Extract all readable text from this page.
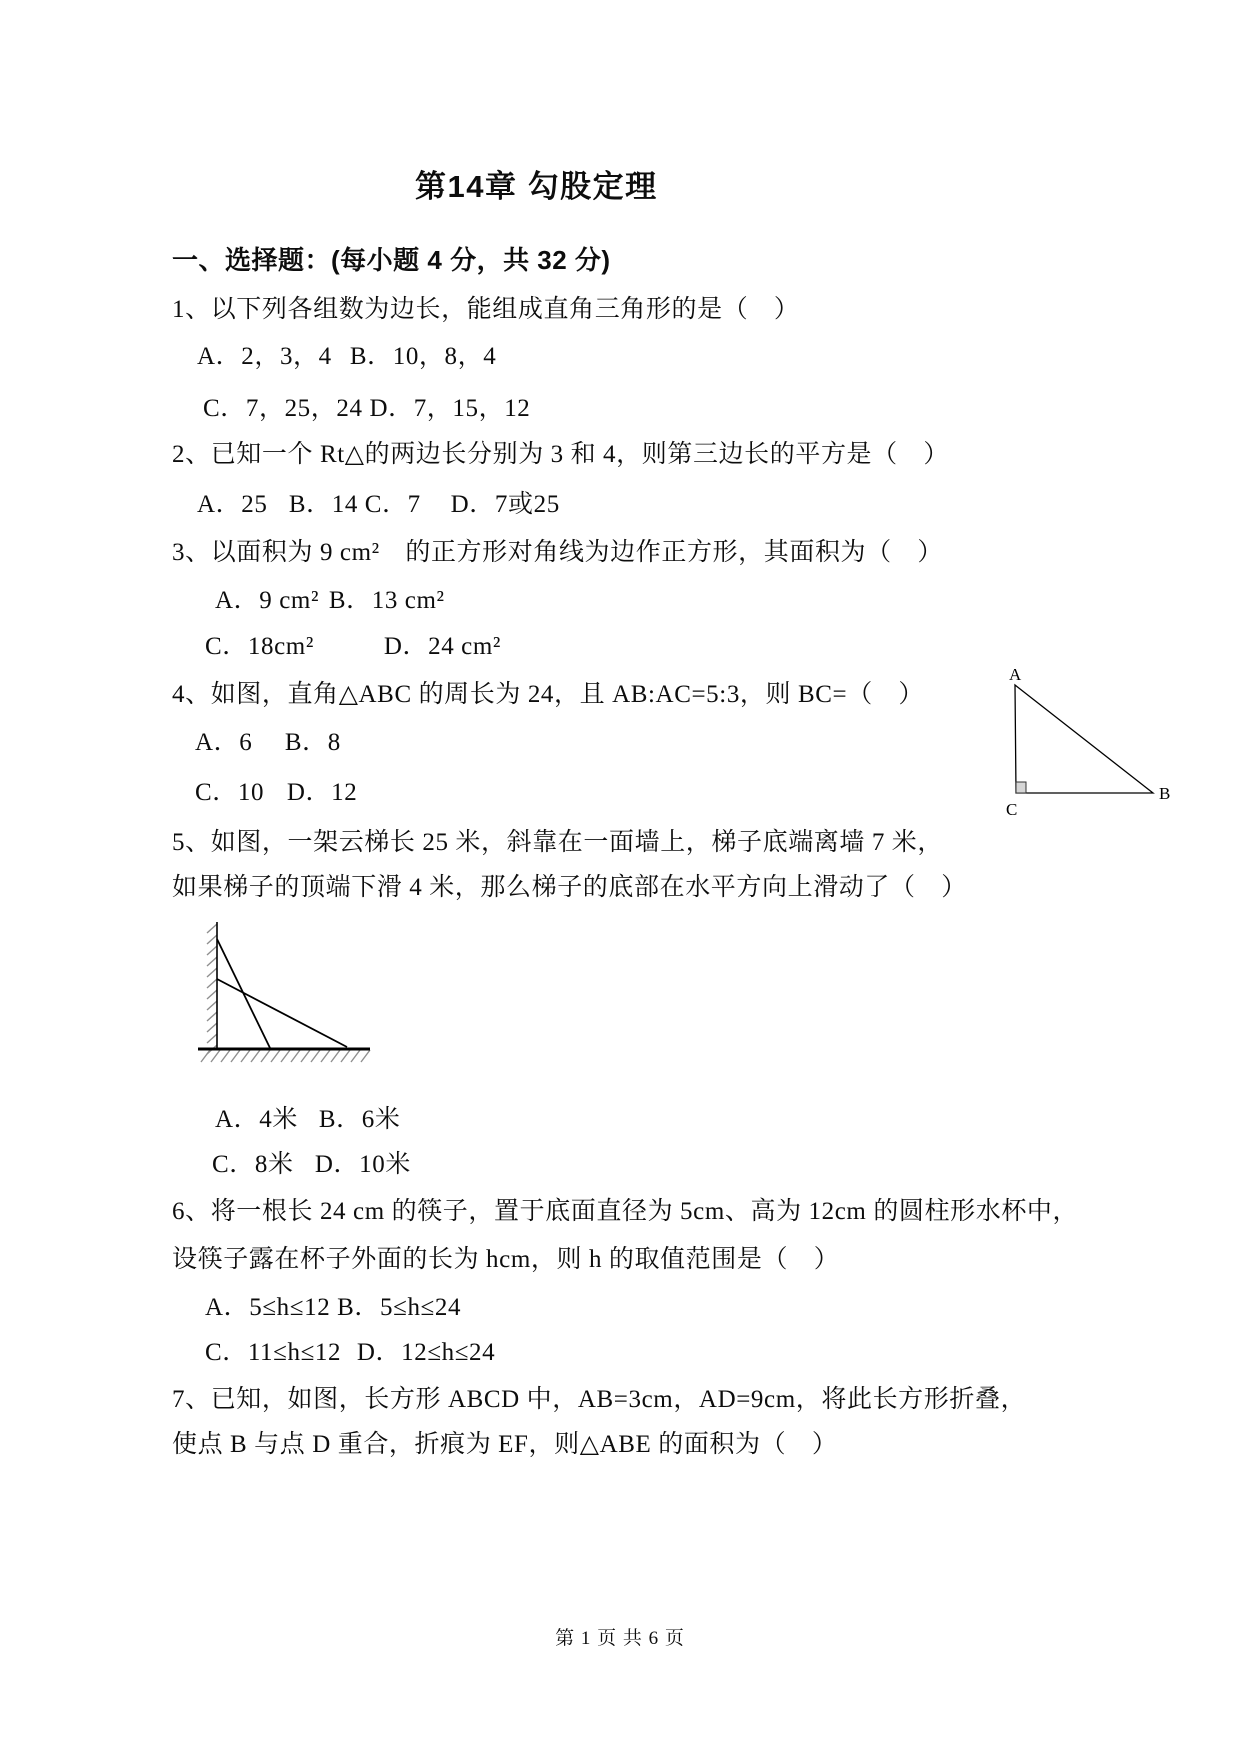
第14章 勾股定理
一、选择题：(每小题 4 分，共 32 分)
1、以下列各组数为边长，能组成直角三角形的是（　）
A．2，3，4 B．10，8，4
C．7，25，24 D．7，15，12
2、已知一个 Rt△的两边长分别为 3 和 4，则第三边长的平方是（　）
A．25 B．14 C．7 D．7或25
3、以面积为 9 cm²　的正方形对角线为边作正方形，其面积为（　）
A．9 cm² B．13 cm²
C．18cm²	D．24 cm²
4、如图，直角△ABC 的周长为 24，且 AB:AC=5:3，则 BC=（　）
A．6 B．8
C．10 D．12
A
C
B
5、如图，一架云梯长 25 米，斜靠在一面墙上，梯子底端离墙 7 米，
如果梯子的顶端下滑 4 米，那么梯子的底部在水平方向上滑动了（　）
A．4米 B．6米
C．8米 D．10米
6、将一根长 24 cm 的筷子，置于底面直径为 5cm、高为 12cm 的圆柱形水杯中，
设筷子露在杯子外面的长为 hcm，则 h 的取值范围是（　）
A．5≤h≤12 B．5≤h≤24
C．11≤h≤12 D．12≤h≤24
7、已知，如图，长方形 ABCD 中，AB=3cm，AD=9cm，将此长方形折叠，
使点 B 与点 D 重合，折痕为 EF，则△ABE 的面积为（　）
第 1 页 共 6 页
